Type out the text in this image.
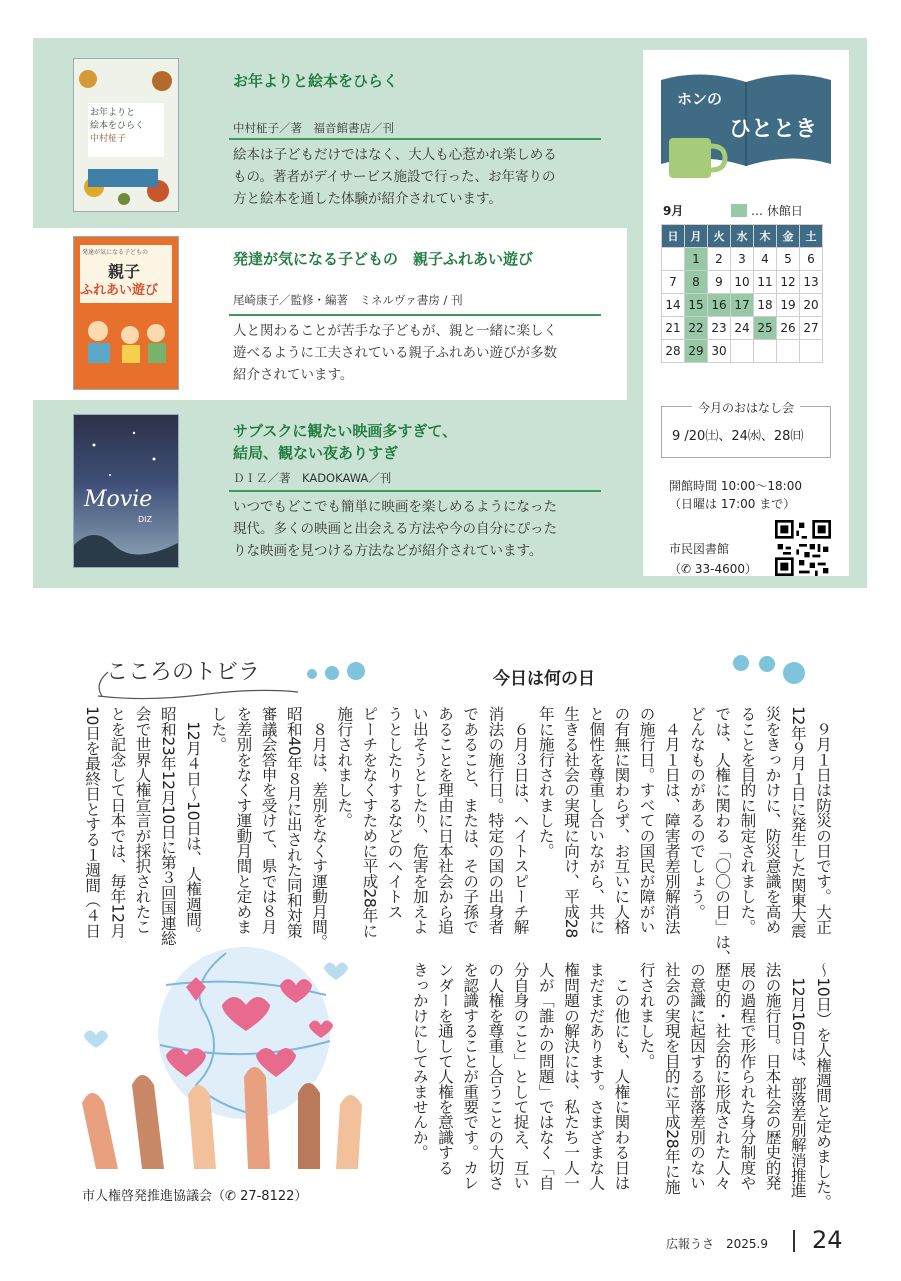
お年よりと
絵本をひらく
中村柾子
お年よりと絵本をひらく
中村柾子／著　福音館書店／刊
絵本は子どもだけではなく、大人も心惹かれ楽しめる
もの。著者がデイサービス施設で行った、お年寄りの
方と絵本を通した体験が紹介されています。
発達が気になる子どもの
親子
ふれあい遊び
発達が気になる子どもの　親子ふれあい遊び
尾崎康子／監修・編著　ミネルヴァ書房 / 刊
人と関わることが苦手な子どもが、親と一緒に楽しく
遊べるように工夫されている親子ふれあい遊びが多数
紹介されています。
Movie
DIZ
サブスクに観たい映画多すぎて、
結局、観ない夜ありすぎ
ＤＩＺ／著　KADOKAWA／刊
いつでもどこでも簡単に映画を楽しめるようになった
現代。多くの映画と出会える方法や今の自分にぴった
りな映画を見つける方法などが紹介されています。
ホンの
ひととき
9月	… 休館日
日	月	火	水	木	金	土
	1	2	3	4	5	6
7	8	9	10	11	12	13
14	15	16	17	18	19	20
21	22	23	24	25	26	27
28	29	30				
今月のおはなし会
9 /20㈯、24㈬、28㈰
開館時間 10:00～18:00
（日曜は 17:00 まで）
市民図書館
（✆ 33-4600）
こころのトビラ	今日は何の日
　９月１日は防災の日です。大正
12年９月１日に発生した関東大震
災をきっかけに、防災意識を高め
ることを目的に制定されました。
では、人権に関わる「〇〇の日」は、
どんなものがあるのでしょう。
　４月１日は、障害者差別解消法
の施行日。すべての国民が障がい
の有無に関わらず、お互いに人格
と個性を尊重し合いながら、共に
生きる社会の実現に向け、平成28
年に施行されました。
　６月３日は、ヘイトスピーチ解
消法の施行日。特定の国の出身者
であること、または、その子孫で
あることを理由に日本社会から追
い出そうとしたり、危害を加えよ
うとしたりするなどのヘイトス
ピーチをなくすために平成28年に
施行されました。
　８月は、差別をなくす運動月間。
昭和40年８月に出された同和対策
審議会答申を受けて、県では８月
を差別をなくす運動月間と定めま
した。
　12月４日～10日は、人権週間。
昭和23年12月10日に第３回国連総
会で世界人権宣言が採択されたこ
とを記念して日本では、毎年12月
10日を最終日とする１週間（４日
～10日）を人権週間と定めました。
　12月16日は、部落差別解消推進
法の施行日。日本社会の歴史的発
展の過程で形作られた身分制度や
歴史的・社会的に形成された人々
の意識に起因する部落差別のない
社会の実現を目的に平成28年に施
行されました。
　この他にも、人権に関わる日は
まだまだあります。さまざまな人
権問題の解決には、私たち一人一
人が「誰かの問題」ではなく「自
分自身のこと」として捉え、互い
の人権を尊重し合うことの大切さ
を認識することが重要です。カレ
ンダーを通して人権を意識する
きっかけにしてみませんか。
市人権啓発推進協議会（✆ 27-8122）
広報うさ　2025.9 24
